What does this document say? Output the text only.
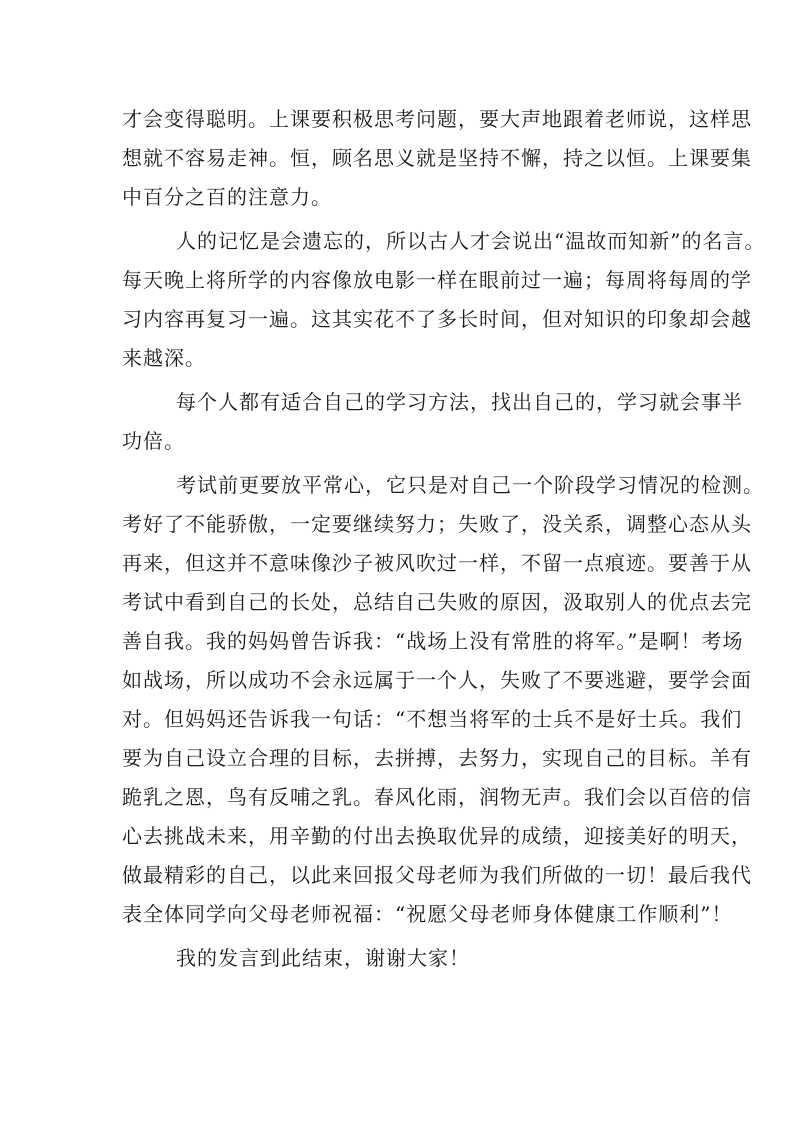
才会变得聪明。上课要积极思考问题，要大声地跟着老师说，这样思
想就不容易走神。恒，顾名思义就是坚持不懈，持之以恒。上课要集
中百分之百的注意力。
人的记忆是会遗忘的，所以古人才会说出“温故而知新”的名言。
每天晚上将所学的内容像放电影一样在眼前过一遍；每周将每周的学
习内容再复习一遍。这其实花不了多长时间，但对知识的印象却会越
来越深。
每个人都有适合自己的学习方法，找出自己的，学习就会事半
功倍。
考试前更要放平常心，它只是对自己一个阶段学习情况的检测。
考好了不能骄傲，一定要继续努力；失败了，没关系，调整心态从头
再来，但这并不意味像沙子被风吹过一样，不留一点痕迹。要善于从
考试中看到自己的长处，总结自己失败的原因，汲取别人的优点去完
善自我。我的妈妈曾告诉我：“战场上没有常胜的将军。”是啊！考场
如战场，所以成功不会永远属于一个人，失败了不要逃避，要学会面
对。但妈妈还告诉我一句话：“不想当将军的士兵不是好士兵。我们
要为自己设立合理的目标，去拼搏，去努力，实现自己的目标。羊有
跪乳之恩，鸟有反哺之乳。春风化雨，润物无声。我们会以百倍的信
心去挑战未来，用辛勤的付出去换取优异的成绩，迎接美好的明天，
做最精彩的自己，以此来回报父母老师为我们所做的一切！最后我代
表全体同学向父母老师祝福：“祝愿父母老师身体健康工作顺利”！
我的发言到此结束，谢谢大家！
